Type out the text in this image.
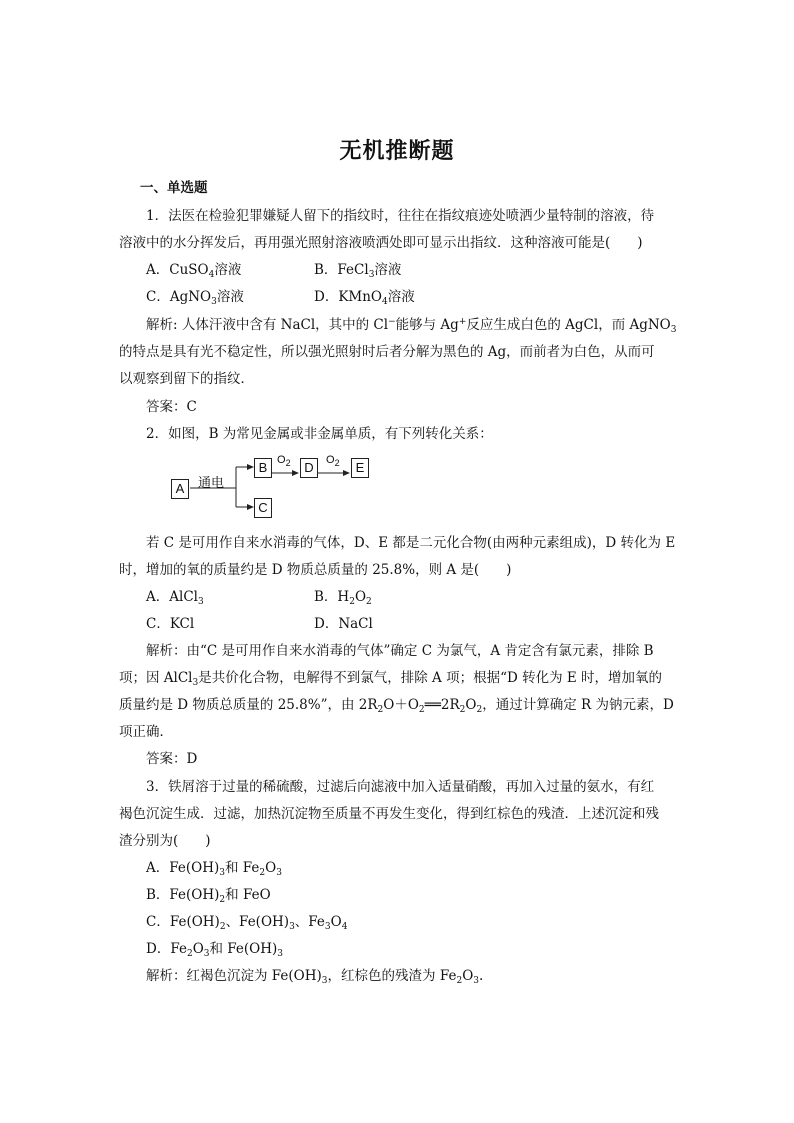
无机推断题
一、单选题
1．法医在检验犯罪嫌疑人留下的指纹时，往往在指纹痕迹处喷洒少量特制的溶液，待
溶液中的水分挥发后，再用强光照射溶液喷洒处即可显示出指纹．这种溶液可能是(　　)
A．CuSO$_4$溶液	B．FeCl$_3$溶液
C．AgNO$_3$溶液	D．KMnO$_4$溶液
解析: 人体汗液中含有 NaCl，其中的 Cl−能够与 Ag+反应生成白色的 AgCl，而 AgNO$_3$
的特点是具有光不稳定性，所以强光照射时后者分解为黑色的 Ag，而前者为白色，从而可
以观察到留下的指纹．
答案：C
2．如图，B 为常见金属或非金属单质，有下列转化关系：
A
B
C
D	E
通电
$O_2$	$O_2$
若 C 是可用作自来水消毒的气体，D、E 都是二元化合物(由两种元素组成)，D 转化为 E
时，增加的氧的质量约是 D 物质总质量的 25.8%，则 A 是(　　)
A．AlCl$_3$	B．$H_2O_2$
C．KCl	D．NaCl
解析：由“C 是可用作自来水消毒的气体”确定 C 为氯气，A 肯定含有氯元素，排除 B
项；因 AlCl$_3$是共价化合物，电解得不到氯气，排除 A 项；根据“D 转化为 E 时，增加氧的
质量约是 D 物质总质量的 25.8%”，由 $2R_2O+O_2══2R_2O_2$，通过计算确定 R 为钠元素，D
项正确．
答案：D
3．铁屑溶于过量的稀硫酸，过滤后向滤液中加入适量硝酸，再加入过量的氨水，有红
褐色沉淀生成．过滤，加热沉淀物至质量不再发生变化，得到红棕色的残渣．上述沉淀和残
渣分别为(　　)
A．$Fe(OH)_3$和 $Fe_2O_3$
B．$Fe(OH)_2$和 FeO
C．$Fe(OH)_2$、$Fe(OH)_3$、$Fe_3O_4$
D．$Fe_2O_3$和 $Fe(OH)_3$
解析：红褐色沉淀为 $Fe(OH)_3$，红棕色的残渣为 $Fe_2O_3$.
